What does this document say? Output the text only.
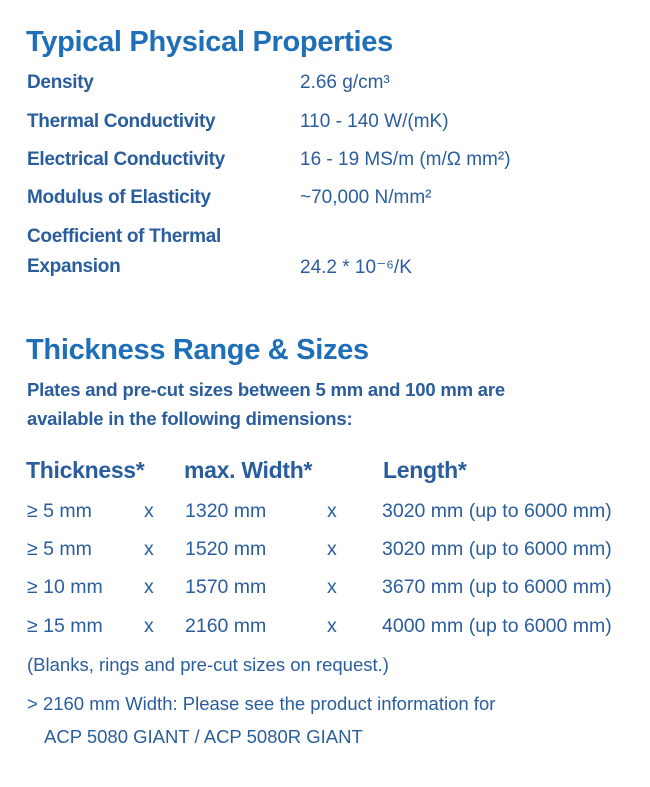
Typical Physical Properties
Density	2.66 g/cm³
Thermal Conductivity	110 - 140 W/(mK)
Electrical Conductivity	16 - 19 MS/m (m/Ω mm²)
Modulus of Elasticity	~70,000 N/mm²
Coefficient of Thermal
Expansion	24.2 * 10⁻⁶/K
Thickness Range & Sizes
Plates and pre-cut sizes between 5 mm and 100 mm are
available in the following dimensions:
Thickness* max. Width*	Length*
≥ 5 mm	x 1320 mm	x 3020 mm (up to 6000 mm)
≥ 5 mm	x 1520 mm	x 3020 mm (up to 6000 mm)
≥ 10 mm x 1570 mm	x 3670 mm (up to 6000 mm)
≥ 15 mm x 2160 mm	x 4000 mm (up to 6000 mm)
(Blanks, rings and pre-cut sizes on request.)
> 2160 mm Width: Please see the product information for
ACP 5080 GIANT / ACP 5080R GIANT
